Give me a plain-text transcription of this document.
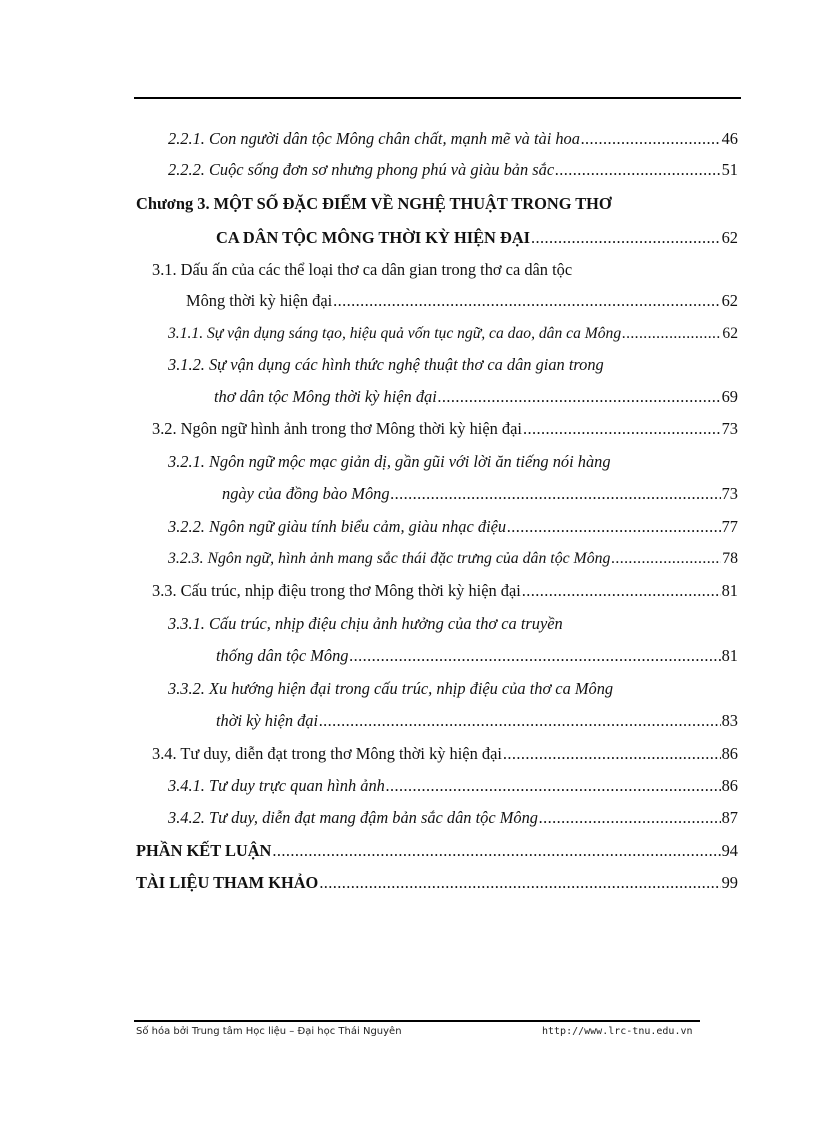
2.2.1. Con người dân tộc Mông chân chất, mạnh mẽ và tài hoa .....	46
2.2.2. Cuộc sống đơn sơ nhưng phong phú và giàu bản sắc .....	51
Chương 3. MỘT SỐ ĐẶC ĐIỂM VỀ NGHỆ THUẬT TRONG THƠ
CA DÂN TỘC MÔNG THỜI KỲ HIỆN ĐẠI .....	62
3.1. Dấu ấn của các thể loại thơ ca dân gian trong thơ ca dân tộc
Mông thời kỳ hiện đại .....	62
3.1.1. Sự vận dụng sáng tạo, hiệu quả vốn tục ngữ, ca dao, dân ca Mông .....	62
3.1.2. Sự vận dụng các hình thức nghệ thuật thơ ca dân gian trong
thơ dân tộc Mông thời kỳ hiện đại .....	69
3.2. Ngôn ngữ hình ảnh trong thơ Mông thời kỳ hiện đại .....	73
3.2.1. Ngôn ngữ mộc mạc giản dị, gần gũi với lời ăn tiếng nói hàng
ngày của đồng bào Mông .....	73
3.2.2. Ngôn ngữ giàu tính biểu cảm, giàu nhạc điệu .....	77
3.2.3. Ngôn ngữ, hình ảnh mang sắc thái đặc trưng của dân tộc Mông .....	78
3.3. Cấu trúc, nhịp điệu trong thơ Mông thời kỳ hiện đại .....	81
3.3.1. Cấu trúc, nhịp điệu chịu ảnh hưởng của thơ ca truyền
thống dân tộc Mông .....	81
3.3.2. Xu hướng hiện đại trong cấu trúc, nhịp điệu của thơ ca Mông
thời kỳ hiện đại .....	83
3.4. Tư duy, diễn đạt trong thơ Mông thời kỳ hiện đại .....	86
3.4.1. Tư duy trực quan hình ảnh .....	86
3.4.2. Tư duy, diễn đạt mang đậm bản sắc dân tộc Mông .....	87
PHẦN KẾT LUẬN .....	94
TÀI LIỆU THAM KHẢO .....	99
Số hóa bởi Trung tâm Học liệu – Đại học Thái Nguyên	http://www.lrc-tnu.edu.vn
